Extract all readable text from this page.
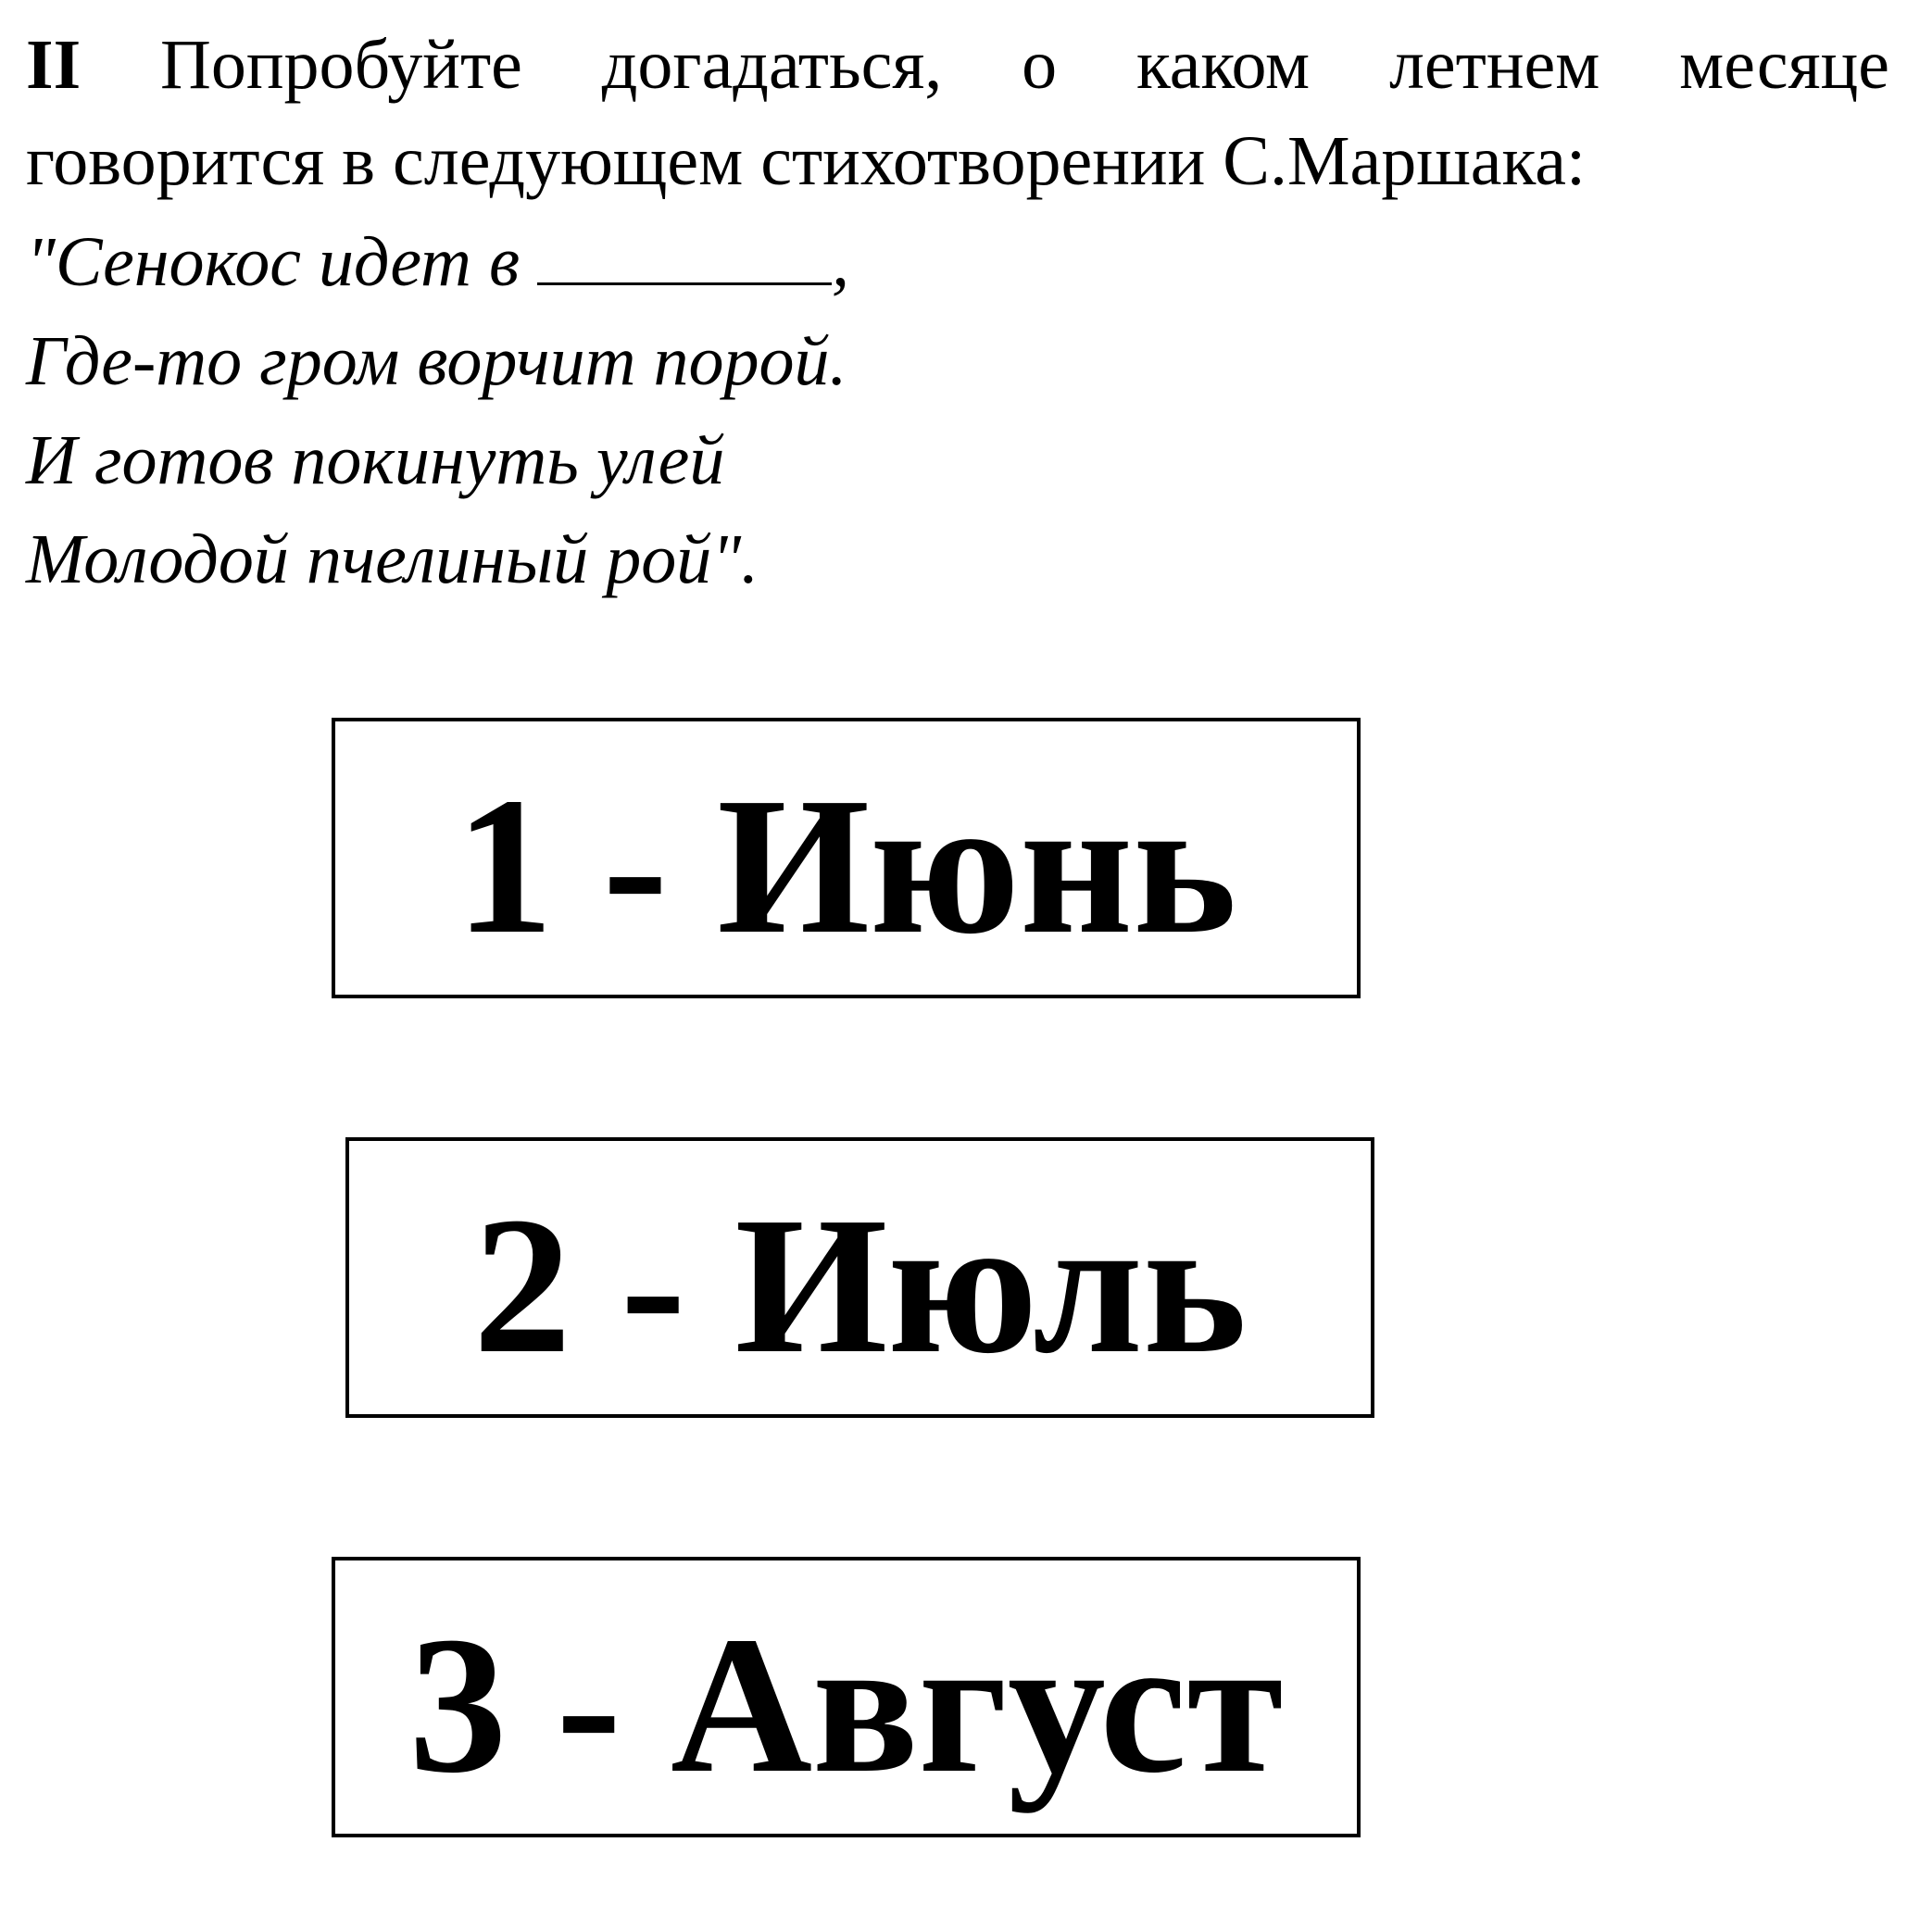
II Попробуйте догадаться, о каком летнем месяце
говорится в следующем стихотворении С.Маршака:
"Сенокос идет в	,
Где-то гром ворчит порой.
И готов покинуть улей
Молодой пчелиный рой".
1 - Июнь
2 - Июль
3 - Август
